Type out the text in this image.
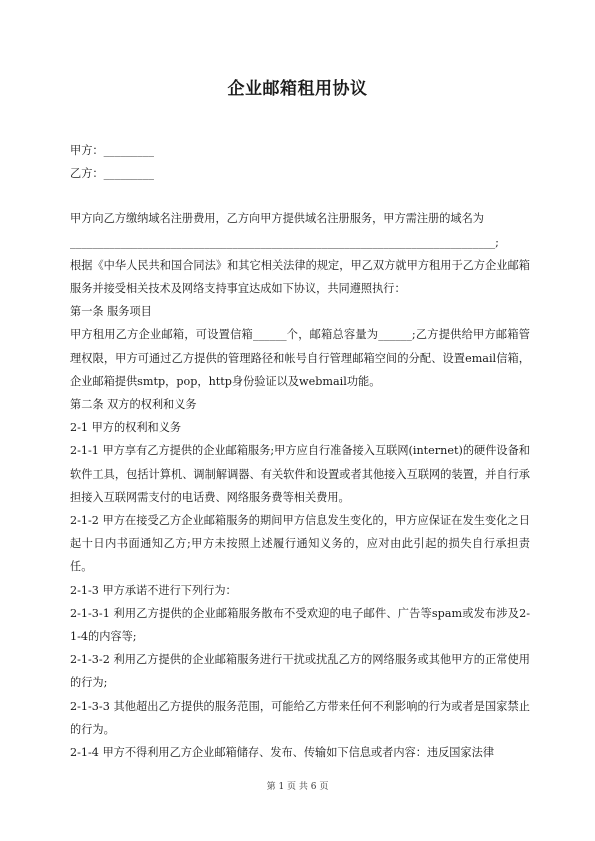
企业邮箱租用协议

甲方：_________

乙方：_________

甲方向乙方缴纳域名注册费用，乙方向甲方提供域名注册服务，甲方需注册的域名为

____________________________________________________________________________;

根据《中华人民共和国合同法》和其它相关法律的规定，甲乙双方就甲方租用于乙方企业邮箱服务并接受相关技术及网络支持事宜达成如下协议，共同遵照执行：

第一条 服务项目

甲方租用乙方企业邮箱，可设置信箱______个，邮箱总容量为______;乙方提供给甲方邮箱管理权限，甲方可通过乙方提供的管理路径和帐号自行管理邮箱空间的分配、设置email信箱，企业邮箱提供smtp，pop，http身份验证以及webmail功能。

第二条 双方的权利和义务

2-1 甲方的权利和义务

2-1-1 甲方享有乙方提供的企业邮箱服务;甲方应自行准备接入互联网(internet)的硬件设备和软件工具，包括计算机、调制解调器、有关软件和设置或者其他接入互联网的装置，并自行承担接入互联网需支付的电话费、网络服务费等相关费用。

2-1-2 甲方在接受乙方企业邮箱服务的期间甲方信息发生变化的，甲方应保证在发生变化之日起十日内书面通知乙方;甲方未按照上述履行通知义务的，应对由此引起的损失自行承担责任。

2-1-3 甲方承诺不进行下列行为：

2-1-3-1 利用乙方提供的企业邮箱服务散布不受欢迎的电子邮件、广告等spam或发布涉及2-1-4的内容等;

2-1-3-2 利用乙方提供的企业邮箱服务进行干扰或扰乱乙方的网络服务或其他甲方的正常使用的行为;

2-1-3-3 其他超出乙方提供的服务范围，可能给乙方带来任何不利影响的行为或者是国家禁止的行为。

2-1-4 甲方不得利用乙方企业邮箱储存、发布、传输如下信息或者内容：违反国家法律

第 1 页 共 6 页
